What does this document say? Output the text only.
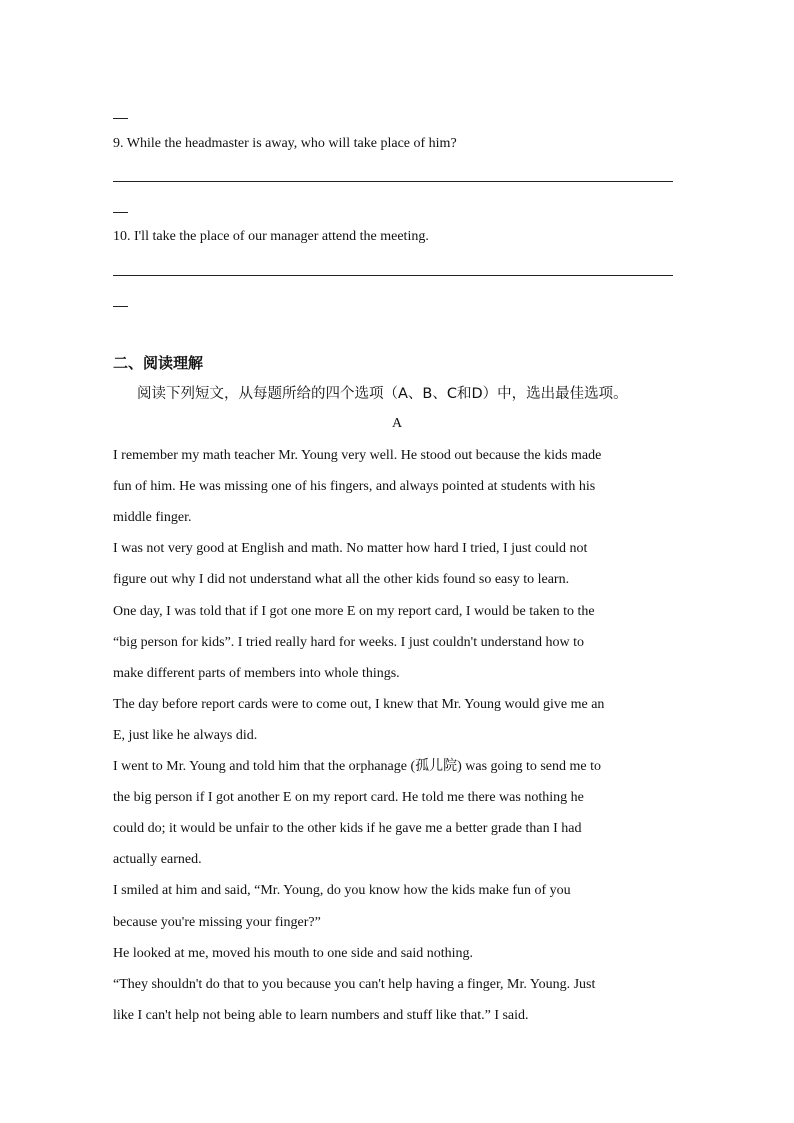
9. While the headmaster is away, who will take place of him?
10. I'll take the place of our manager attend the meeting.
二、阅读理解
阅读下列短文，从每题所给的四个选项（A、B、C和D）中，选出最佳选项。
A
I remember my math teacher Mr. Young very well. He stood out because the kids made
fun of him. He was missing one of his fingers, and always pointed at students with his
middle finger.
I was not very good at English and math. No matter how hard I tried, I just could not
figure out why I did not understand what all the other kids found so easy to learn.
One day, I was told that if I got one more E on my report card, I would be taken to the
“big person for kids”. I tried really hard for weeks. I just couldn't understand how to
make different parts of members into whole things.
The day before report cards were to come out, I knew that Mr. Young would give me an
E, just like he always did.
I went to Mr. Young and told him that the orphanage (孤儿院) was going to send me to
the big person if I got another E on my report card. He told me there was nothing he
could do; it would be unfair to the other kids if he gave me a better grade than I had
actually earned.
I smiled at him and said, “Mr. Young, do you know how the kids make fun of you
because you're missing your finger?”
He looked at me, moved his mouth to one side and said nothing.
“They shouldn't do that to you because you can't help having a finger, Mr. Young. Just
like I can't help not being able to learn numbers and stuff like that.” I said.
